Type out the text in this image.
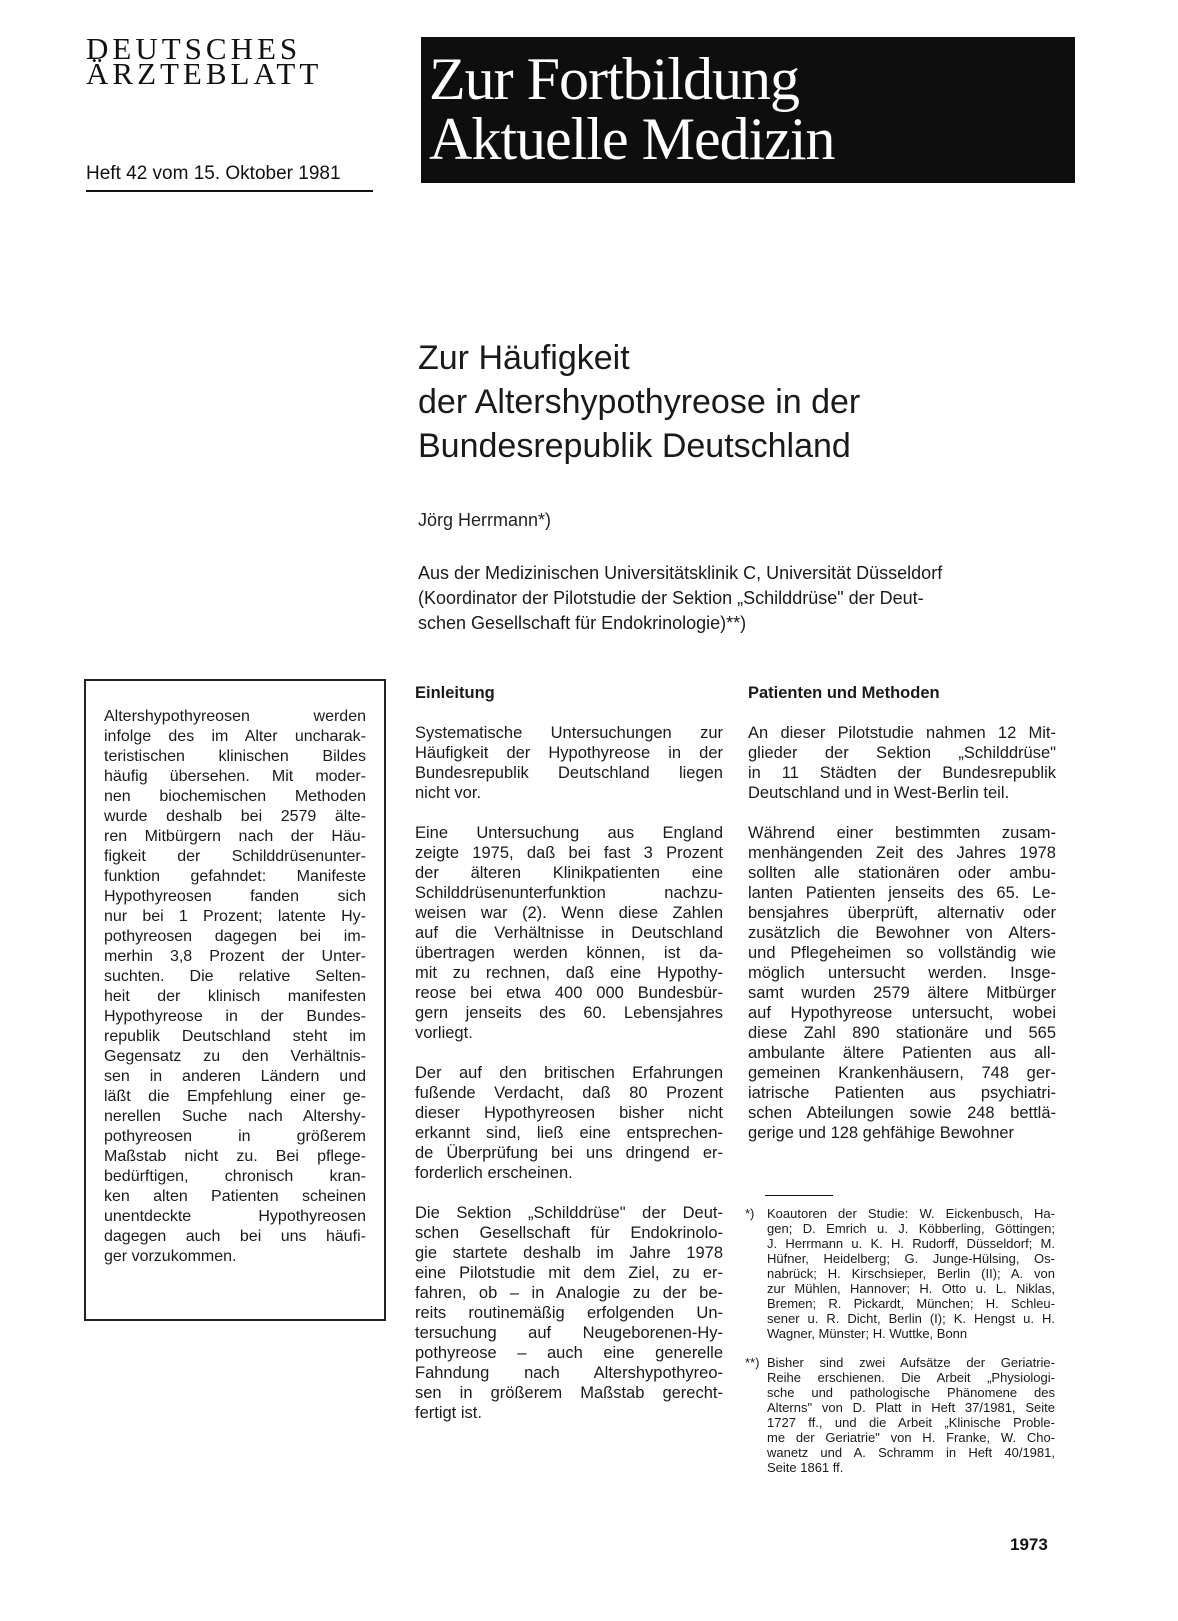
DEUTSCHES
ÄRZTEBLATT
Heft 42 vom 15. Oktober 1981
Zur Fortbildung
Aktuelle Medizin
Zur Häufigkeit
der Altershypothyreose in der
Bundesrepublik Deutschland
Jörg Herrmann*)
Aus der Medizinischen Universitätsklinik C, Universität Düsseldorf
(Koordinator der Pilotstudie der Sektion „Schilddrüse" der Deut-
schen Gesellschaft für Endokrinologie)**)
Altershypothyreosen werden
infolge des im Alter uncharak-
teristischen klinischen Bildes
häufig übersehen. Mit moder-
nen biochemischen Methoden
wurde deshalb bei 2579 älte-
ren Mitbürgern nach der Häu-
figkeit der Schilddrüsenunter-
funktion gefahndet: Manifeste
Hypothyreosen fanden sich
nur bei 1 Prozent; latente Hy-
pothyreosen dagegen bei im-
merhin 3,8 Prozent der Unter-
suchten. Die relative Selten-
heit der klinisch manifesten
Hypothyreose in der Bundes-
republik Deutschland steht im
Gegensatz zu den Verhältnis-
sen in anderen Ländern und
läßt die Empfehlung einer ge-
nerellen Suche nach Altershy-
pothyreosen in größerem
Maßstab nicht zu. Bei pflege-
bedürftigen, chronisch kran-
ken alten Patienten scheinen
unentdeckte Hypothyreosen
dagegen auch bei uns häufi-
ger vorzukommen.
Einleitung
Systematische Untersuchungen zur
Häufigkeit der Hypothyreose in der
Bundesrepublik Deutschland liegen
nicht vor.
Eine Untersuchung aus England
zeigte 1975, daß bei fast 3 Prozent
der älteren Klinikpatienten eine
Schilddrüsenunterfunktion nachzu-
weisen war (2). Wenn diese Zahlen
auf die Verhältnisse in Deutschland
übertragen werden können, ist da-
mit zu rechnen, daß eine Hypothy-
reose bei etwa 400 000 Bundesbür-
gern jenseits des 60. Lebensjahres
vorliegt.
Der auf den britischen Erfahrungen
fußende Verdacht, daß 80 Prozent
dieser Hypothyreosen bisher nicht
erkannt sind, ließ eine entsprechen-
de Überprüfung bei uns dringend er-
forderlich erscheinen.
Die Sektion „Schilddrüse" der Deut-
schen Gesellschaft für Endokrinolo-
gie startete deshalb im Jahre 1978
eine Pilotstudie mit dem Ziel, zu er-
fahren, ob – in Analogie zu der be-
reits routinemäßig erfolgenden Un-
tersuchung auf Neugeborenen-Hy-
pothyreose – auch eine generelle
Fahndung nach Altershypothyreo-
sen in größerem Maßstab gerecht-
fertigt ist.
Patienten und Methoden
An dieser Pilotstudie nahmen 12 Mit-
glieder der Sektion „Schilddrüse"
in 11 Städten der Bundesrepublik
Deutschland und in West-Berlin teil.
Während einer bestimmten zusam-
menhängenden Zeit des Jahres 1978
sollten alle stationären oder ambu-
lanten Patienten jenseits des 65. Le-
bensjahres überprüft, alternativ oder
zusätzlich die Bewohner von Alters-
und Pflegeheimen so vollständig wie
möglich untersucht werden. Insge-
samt wurden 2579 ältere Mitbürger
auf Hypothyreose untersucht, wobei
diese Zahl 890 stationäre und 565
ambulante ältere Patienten aus all-
gemeinen Krankenhäusern, 748 ger-
iatrische Patienten aus psychiatri-
schen Abteilungen sowie 248 bettlä-
gerige und 128 gehfähige Bewohner
*) Koautoren der Studie: W. Eickenbusch, Ha-
gen; D. Emrich u. J. Köbberling, Göttingen;
J. Herrmann u. K. H. Rudorff, Düsseldorf; M.
Hüfner, Heidelberg; G. Junge-Hülsing, Os-
nabrück; H. Kirschsieper, Berlin (II); A. von
zur Mühlen, Hannover; H. Otto u. L. Niklas,
Bremen; R. Pickardt, München; H. Schleu-
sener u. R. Dicht, Berlin (I); K. Hengst u. H.
Wagner, Münster; H. Wuttke, Bonn
**) Bisher sind zwei Aufsätze der Geriatrie-
Reihe erschienen. Die Arbeit „Physiologi-
sche und pathologische Phänomene des
Alterns" von D. Platt in Heft 37/1981, Seite
1727 ff., und die Arbeit „Klinische Proble-
me der Geriatrie" von H. Franke, W. Cho-
wanetz und A. Schramm in Heft 40/1981,
Seite 1861 ff.
1973
